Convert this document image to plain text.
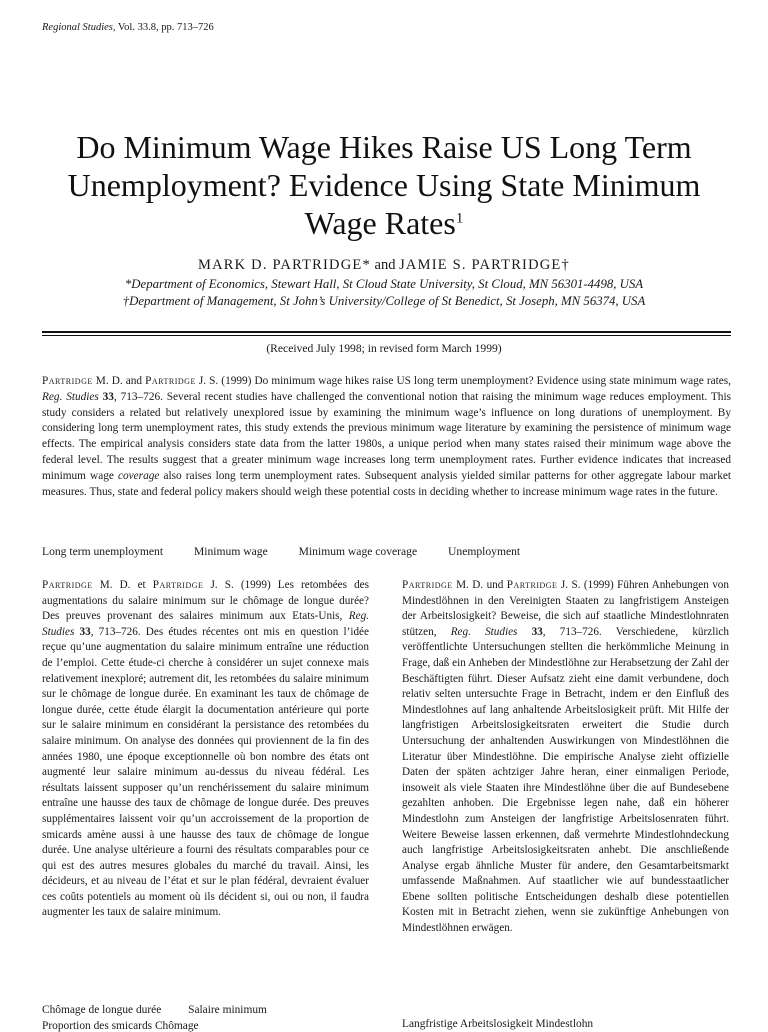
Regional Studies, Vol. 33.8, pp. 713–726
Do Minimum Wage Hikes Raise US Long Term Unemployment? Evidence Using State Minimum Wage Rates$^1$
MARK D. PARTRIDGE* and JAMIE S. PARTRIDGE†
*Department of Economics, Stewart Hall, St Cloud State University, St Cloud, MN 56301-4498, USA
†Department of Management, St John’s University/College of St Benedict, St Joseph, MN 56374, USA
(Received July 1998; in revised form March 1999)

Partridge M. D. and Partridge J. S. (1999) Do minimum wage hikes raise US long term unemployment? Evidence using state minimum wage rates, Reg. Studies 33, 713–726. Several recent studies have challenged the conventional notion that raising the minimum wage reduces employment. This study considers a related but relatively unexplored issue by examining the minimum wage’s influence on long durations of unemployment. By considering long term unemployment rates, this study extends the previous minimum wage literature by examining the persistence of minimum wage effects. The empirical analysis considers state data from the latter 1980s, a unique period when many states raised their minimum wage above the federal level. The results suggest that a greater minimum wage increases long term unemployment rates. Further evidence indicates that increased minimum wage coverage also raises long term unemployment rates. Subsequent analysis yielded similar patterns for other aggregate labour market measures. Thus, state and federal policy makers should weigh these potential costs in deciding whether to increase minimum wage rates in the future.

Long term unemployment	Minimum wage	Minimum wage coverage	Unemployment

Partridge M. D. et Partridge J. S. (1999) Les retombées des augmentations du salaire minimum sur le chômage de longue durée? Des preuves provenant des salaires minimum aux Etats-Unis, Reg. Studies 33, 713–726. Des études récentes ont mis en question l’idée reçue qu’une augmentation du salaire minimum entraîne une réduction de l’emploi. Cette étude-ci cherche à considérer un sujet connexe mais relativement inexploré; autrement dit, les retombées du salaire minimum sur le chômage de longue durée. En examinant les taux de chômage de longue durée, cette étude élargit la documentation antérieure qui porte sur le salaire minimum en considérant la persistance des retombées du salaire minimum. On analyse des données qui proviennent de la fin des années 1980, une époque exceptionnelle où bon nombre des états ont augmenté leur salaire minimum au-dessus du niveau fédéral. Les résultats laissent supposer qu’un renchérissement du salaire minimum entraîne une hausse des taux de chômage de longue durée. Des preuves supplémentaires laissent voir qu’un accroissement de la proportion de smicards amène aussi à une hausse des taux de chômage de longue durée. Une analyse ultérieure a fourni des résultats comparables pour ce qui est des autres mesures globales du marché du travail. Ainsi, les décideurs, et au niveau de l’état et sur le plan fédéral, devraient évaluer ces coûts potentiels au moment où ils décident si, oui ou non, il faudra augmenter les taux de salaire minimum.

Partridge M. D. und Partridge J. S. (1999) Führen Anhebungen von Mindestlöhnen in den Vereinigten Staaten zu langfristigem Ansteigen der Arbeitslosigkeit? Beweise, die sich auf staatliche Mindestlohnraten stützen, Reg. Studies 33, 713–726. Verschiedene, kürzlich veröffentlichte Untersuchungen stellten die herkömmliche Meinung in Frage, daß ein Anheben der Mindestlöhne zur Herabsetzung der Zahl der Beschäftigten führt. Dieser Aufsatz zieht eine damit verbundene, doch relativ selten untersuchte Frage in Betracht, indem er den Einfluß des Mindestlohnes auf lang anhaltende Arbeitslosigkeit prüft. Mit Hilfe der langfristigen Arbeitslosigkeitsraten erweitert die Studie durch Untersuchung der anhaltenden Auswirkungen von Mindestlöhnen die Literatur über Mindestlöhne. Die empirische Analyse zieht offizielle Daten der späten achtziger Jahre heran, einer einmaligen Periode, insoweit als viele Staaten ihre Mindestlöhne über die auf Bundesebene gezahlten anhoben. Die Ergebnisse legen nahe, daß ein höherer Mindestlohn zum Ansteigen der langfristige Arbeitslosenraten führt. Weitere Beweise lassen erkennen, daß vermehrte Mindestlohndeckung auch langfristige Arbeitslosigkeitsraten anhebt. Die anschließende Analyse ergab ähnliche Muster für andere, den Gesamtarbeitsmarkt umfassende Maßnahmen. Auf staatlicher wie auf bundesstaatlicher Ebene sollten politische Entscheidungen deshalb diese potentiellen Kosten mit in Betracht ziehen, wenn sie zukünftige Anhebungen von Mindestlöhnen erwägen.

Chômage de longue durée Salaire minimum
Proportion des smicards Chômage	Langfristige Arbeitslosigkeit Mindestlohn
